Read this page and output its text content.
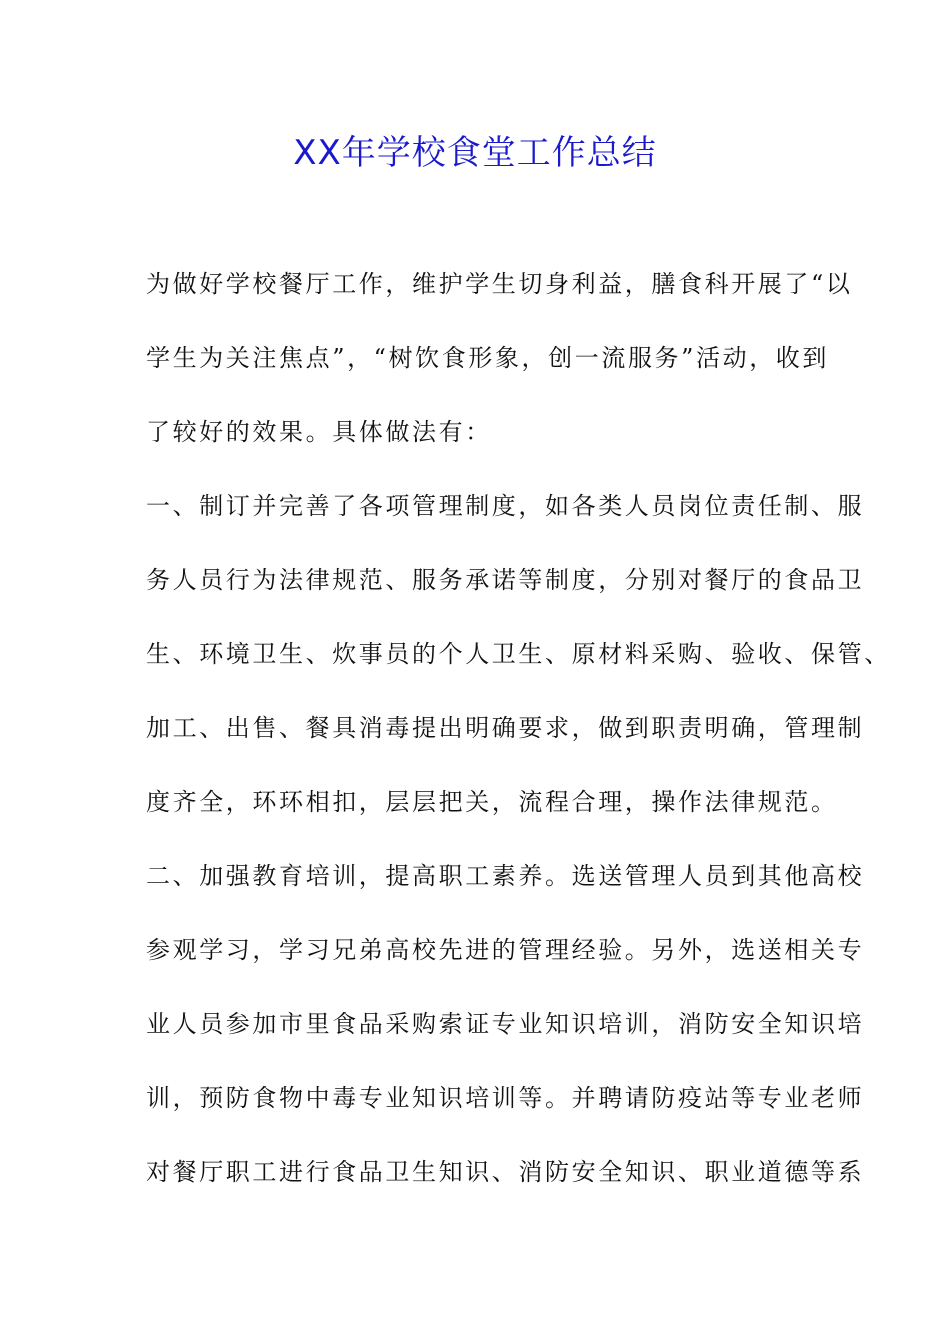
XX年学校食堂工作总结
为做好学校餐厅工作，维护学生切身利益，膳食科开展了“以
学生为关注焦点”，“树饮食形象，创一流服务”活动，收到
了较好的效果。具体做法有：
一、制订并完善了各项管理制度，如各类人员岗位责任制、服
务人员行为法律规范、服务承诺等制度，分别对餐厅的食品卫
生、环境卫生、炊事员的个人卫生、原材料采购、验收、保管、
加工、出售、餐具消毒提出明确要求，做到职责明确，管理制
度齐全，环环相扣，层层把关，流程合理，操作法律规范。
二、加强教育培训，提高职工素养。选送管理人员到其他高校
参观学习，学习兄弟高校先进的管理经验。另外，选送相关专
业人员参加市里食品采购索证专业知识培训，消防安全知识培
训，预防食物中毒专业知识培训等。并聘请防疫站等专业老师
对餐厅职工进行食品卫生知识、消防安全知识、职业道德等系
